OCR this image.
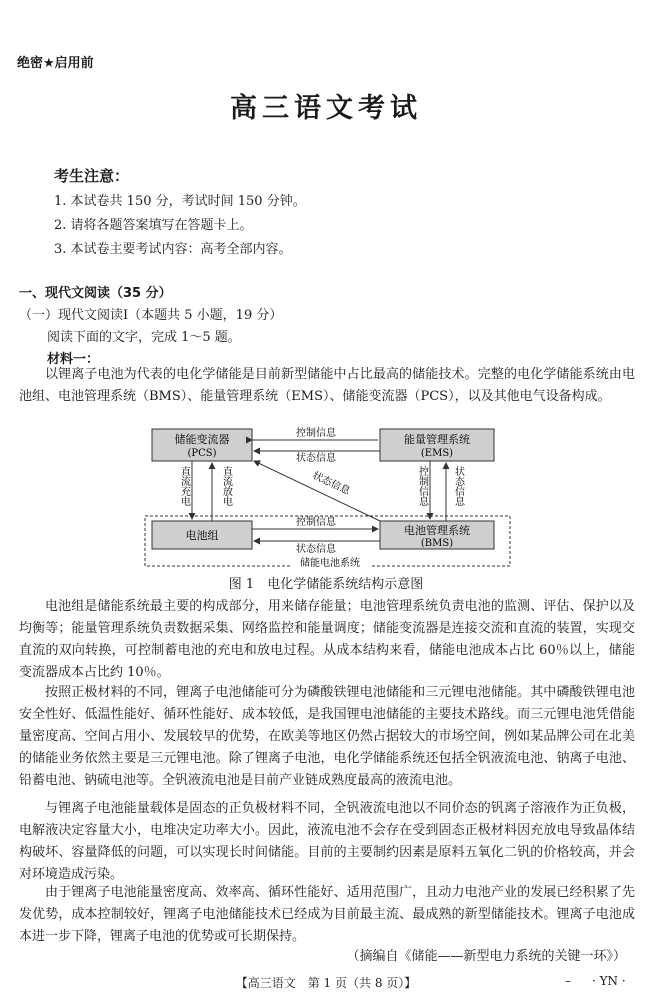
绝密★启用前
高三语文考试
考生注意：
1. 本试卷共 150 分，考试时间 150 分钟。
2. 请将各题答案填写在答题卡上。
3. 本试卷主要考试内容：高考全部内容。
一、现代文阅读（35 分）
（一）现代文阅读Ⅰ（本题共 5 小题，19 分）
阅读下面的文字，完成 1～5 题。
材料一：

以锂离子电池为代表的电化学储能是目前新型储能中占比最高的储能技术。完整的电化学储能系统由电池组、电池管理系统（BMS）、能量管理系统（EMS）、储能变流器（PCS），以及其他电气设备构成。

储能变流器
(PCS)
能量管理系统
(EMS)
电池组	电池管理系统
(BMS)
控制信息
状态信息
直流充电	直流放电	控制信息	状态信息
状态信息
控制信息
状态信息
储能电池系统
图 1　电化学储能系统结构示意图

电池组是储能系统最主要的构成部分，用来储存能量；电池管理系统负责电池的监测、评估、保护以及均衡等；能量管理系统负责数据采集、网络监控和能量调度；储能变流器是连接交流和直流的装置，实现交直流的双向转换，可控制蓄电池的充电和放电过程。从成本结构来看，储能电池成本占比 60％以上，储能变流器成本占比约 10％。

按照正极材料的不同，锂离子电池储能可分为磷酸铁锂电池储能和三元锂电池储能。其中磷酸铁锂电池安全性好、低温性能好、循环性能好、成本较低，是我国锂电池储能的主要技术路线。而三元锂电池凭借能量密度高、空间占用小、发展较早的优势，在欧美等地区仍然占据较大的市场空间，例如某品牌公司在北美的储能业务依然主要是三元锂电池。除了锂离子电池，电化学储能系统还包括全钒液流电池、钠离子电池、铅蓄电池、钠硫电池等。全钒液流电池是目前产业链成熟度最高的液流电池。

与锂离子电池能量载体是固态的正负极材料不同，全钒液流电池以不同价态的钒离子溶液作为正负极，电解液决定容量大小，电堆决定功率大小。因此，液流电池不会存在受到固态正极材料因充放电导致晶体结构破坏、容量降低的问题，可以实现长时间储能。目前的主要制约因素是原料五氧化二钒的价格较高，并会对环境造成污染。

由于锂离子电池能量密度高、效率高、循环性能好、适用范围广，且动力电池产业的发展已经积累了先发优势，成本控制较好，锂离子电池储能技术已经成为目前最主流、最成熟的新型储能技术。锂离子电池成本进一步下降，锂离子电池的优势或可长期保持。

（摘编自《储能——新型电力系统的关键一环》）
【高三语文　第 1 页（共 8 页）】	– · YN ·
